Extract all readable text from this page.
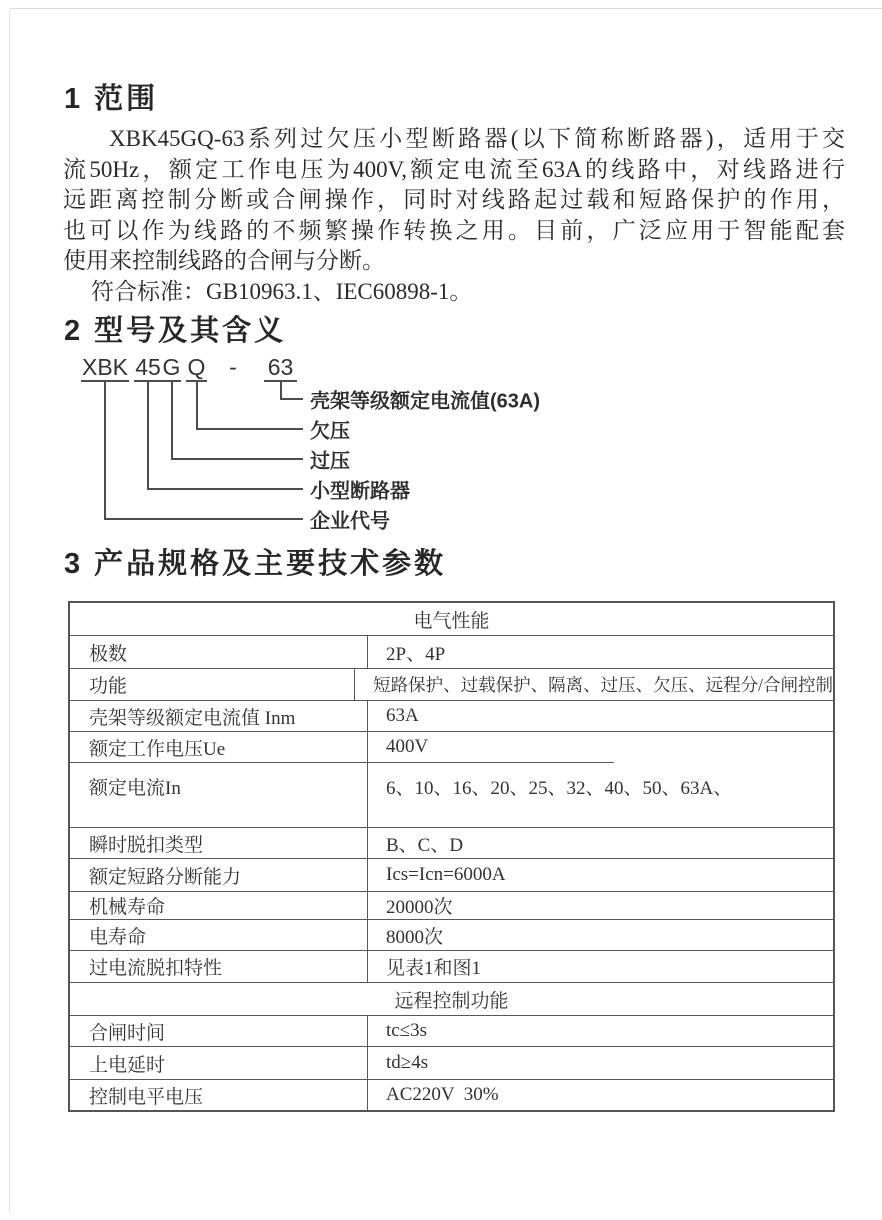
1 范围
XBK45GQ-63系列过欠压小型断路器(以下简称断路器)，适用于交
流50Hz，额定工作电压为400V,额定电流至63A的线路中，对线路进行
远距离控制分断或合闸操作，同时对线路起过载和短路保护的作用，
也可以作为线路的不频繁操作转换之用。目前，广泛应用于智能配套
使用来控制线路的合闸与分断。
符合标准：GB10963.1、IEC60898-1。
2 型号及其含义
XBK 45 G Q - 63
壳架等级额定电流值(63A)
欠压
过压
小型断路器
企业代号
3 产品规格及主要技术参数
电气性能
极数	2P、4P
功能	短路保护、过载保护、隔离、过压、欠压、远程分/合闸控制
壳架等级额定电流值 Inm	63A
额定工作电压Ue	400V
额定电流In	6、10、16、20、25、32、40、50、63A、
瞬时脱扣类型	B、C、D
额定短路分断能力	Ics=Icn=6000A
机械寿命	20000次
电寿命	8000次
过电流脱扣特性	见表1和图1
远程控制功能
合闸时间	tc≤3s
上电延时	td≥4s
控制电平电压	AC220V  30%
